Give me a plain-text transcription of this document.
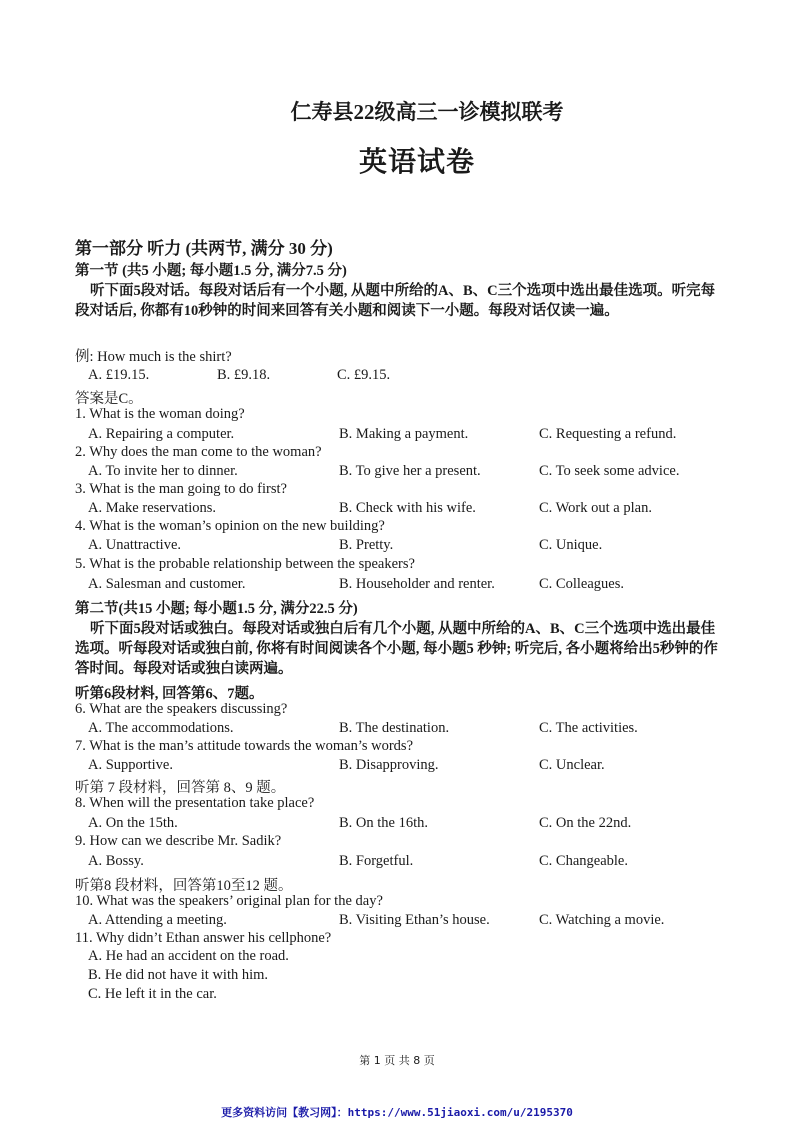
仁寿县22级高三一诊模拟联考
英语试卷
第一部分 听力 (共两节, 满分 30 分)
第一节 (共5 小题; 每小题1.5 分, 满分7.5 分)
听下面5段对话。每段对话后有一个小题, 从题中所给的A、B、C三个选项中选出最佳选项。听完每段对话后, 你都有10秒钟的时间来回答有关小题和阅读下一小题。每段对话仅读一遍。
例: How much is the shirt?
A. £19.15.	B. £9.18.	C. £9.15.
答案是C。
1. What is the woman doing?
A. Repairing a computer.	B. Making a payment.	C. Requesting a refund.
2. Why does the man come to the woman?
A. To invite her to dinner.	B. To give her a present.	C. To seek some advice.
3. What is the man going to do first?
A. Make reservations.	B. Check with his wife.	C. Work out a plan.
4. What is the woman’s opinion on the new building?
A. Unattractive.	B. Pretty.	C. Unique.
5. What is the probable relationship between the speakers?
A. Salesman and customer.	B. Householder and renter.	C. Colleagues.
第二节(共15 小题; 每小题1.5 分, 满分22.5 分)
听下面5段对话或独白。每段对话或独白后有几个小题, 从题中所给的A、B、C三个选项中选出最佳选项。听每段对话或独白前, 你将有时间阅读各个小题, 每小题5 秒钟; 听完后, 各小题将给出5秒钟的作答时间。每段对话或独白读两遍。
听第6段材料, 回答第6、7题。
6. What are the speakers discussing?
A. The accommodations.	B. The destination.	C. The activities.
7. What is the man’s attitude towards the woman’s words?
A. Supportive.	B. Disapproving.	C. Unclear.
听第 7 段材料，回答第 8、9 题。
8. When will the presentation take place?
A. On the 15th.	B. On the 16th.	C. On the 22nd.
9. How can we describe Mr. Sadik?
A. Bossy.	B. Forgetful.	C. Changeable.
听第8 段材料，回答第10至12 题。
10. What was the speakers’ original plan for the day?
A. Attending a meeting.	B. Visiting Ethan’s house.	C. Watching a movie.
11. Why didn’t Ethan answer his cellphone?
A. He had an accident on the road.
B. He did not have it with him.
C. He left it in the car.
第 1 页 共 8 页
更多资料访问【教习网】：https://www.51jiaoxi.com/u/2195370
